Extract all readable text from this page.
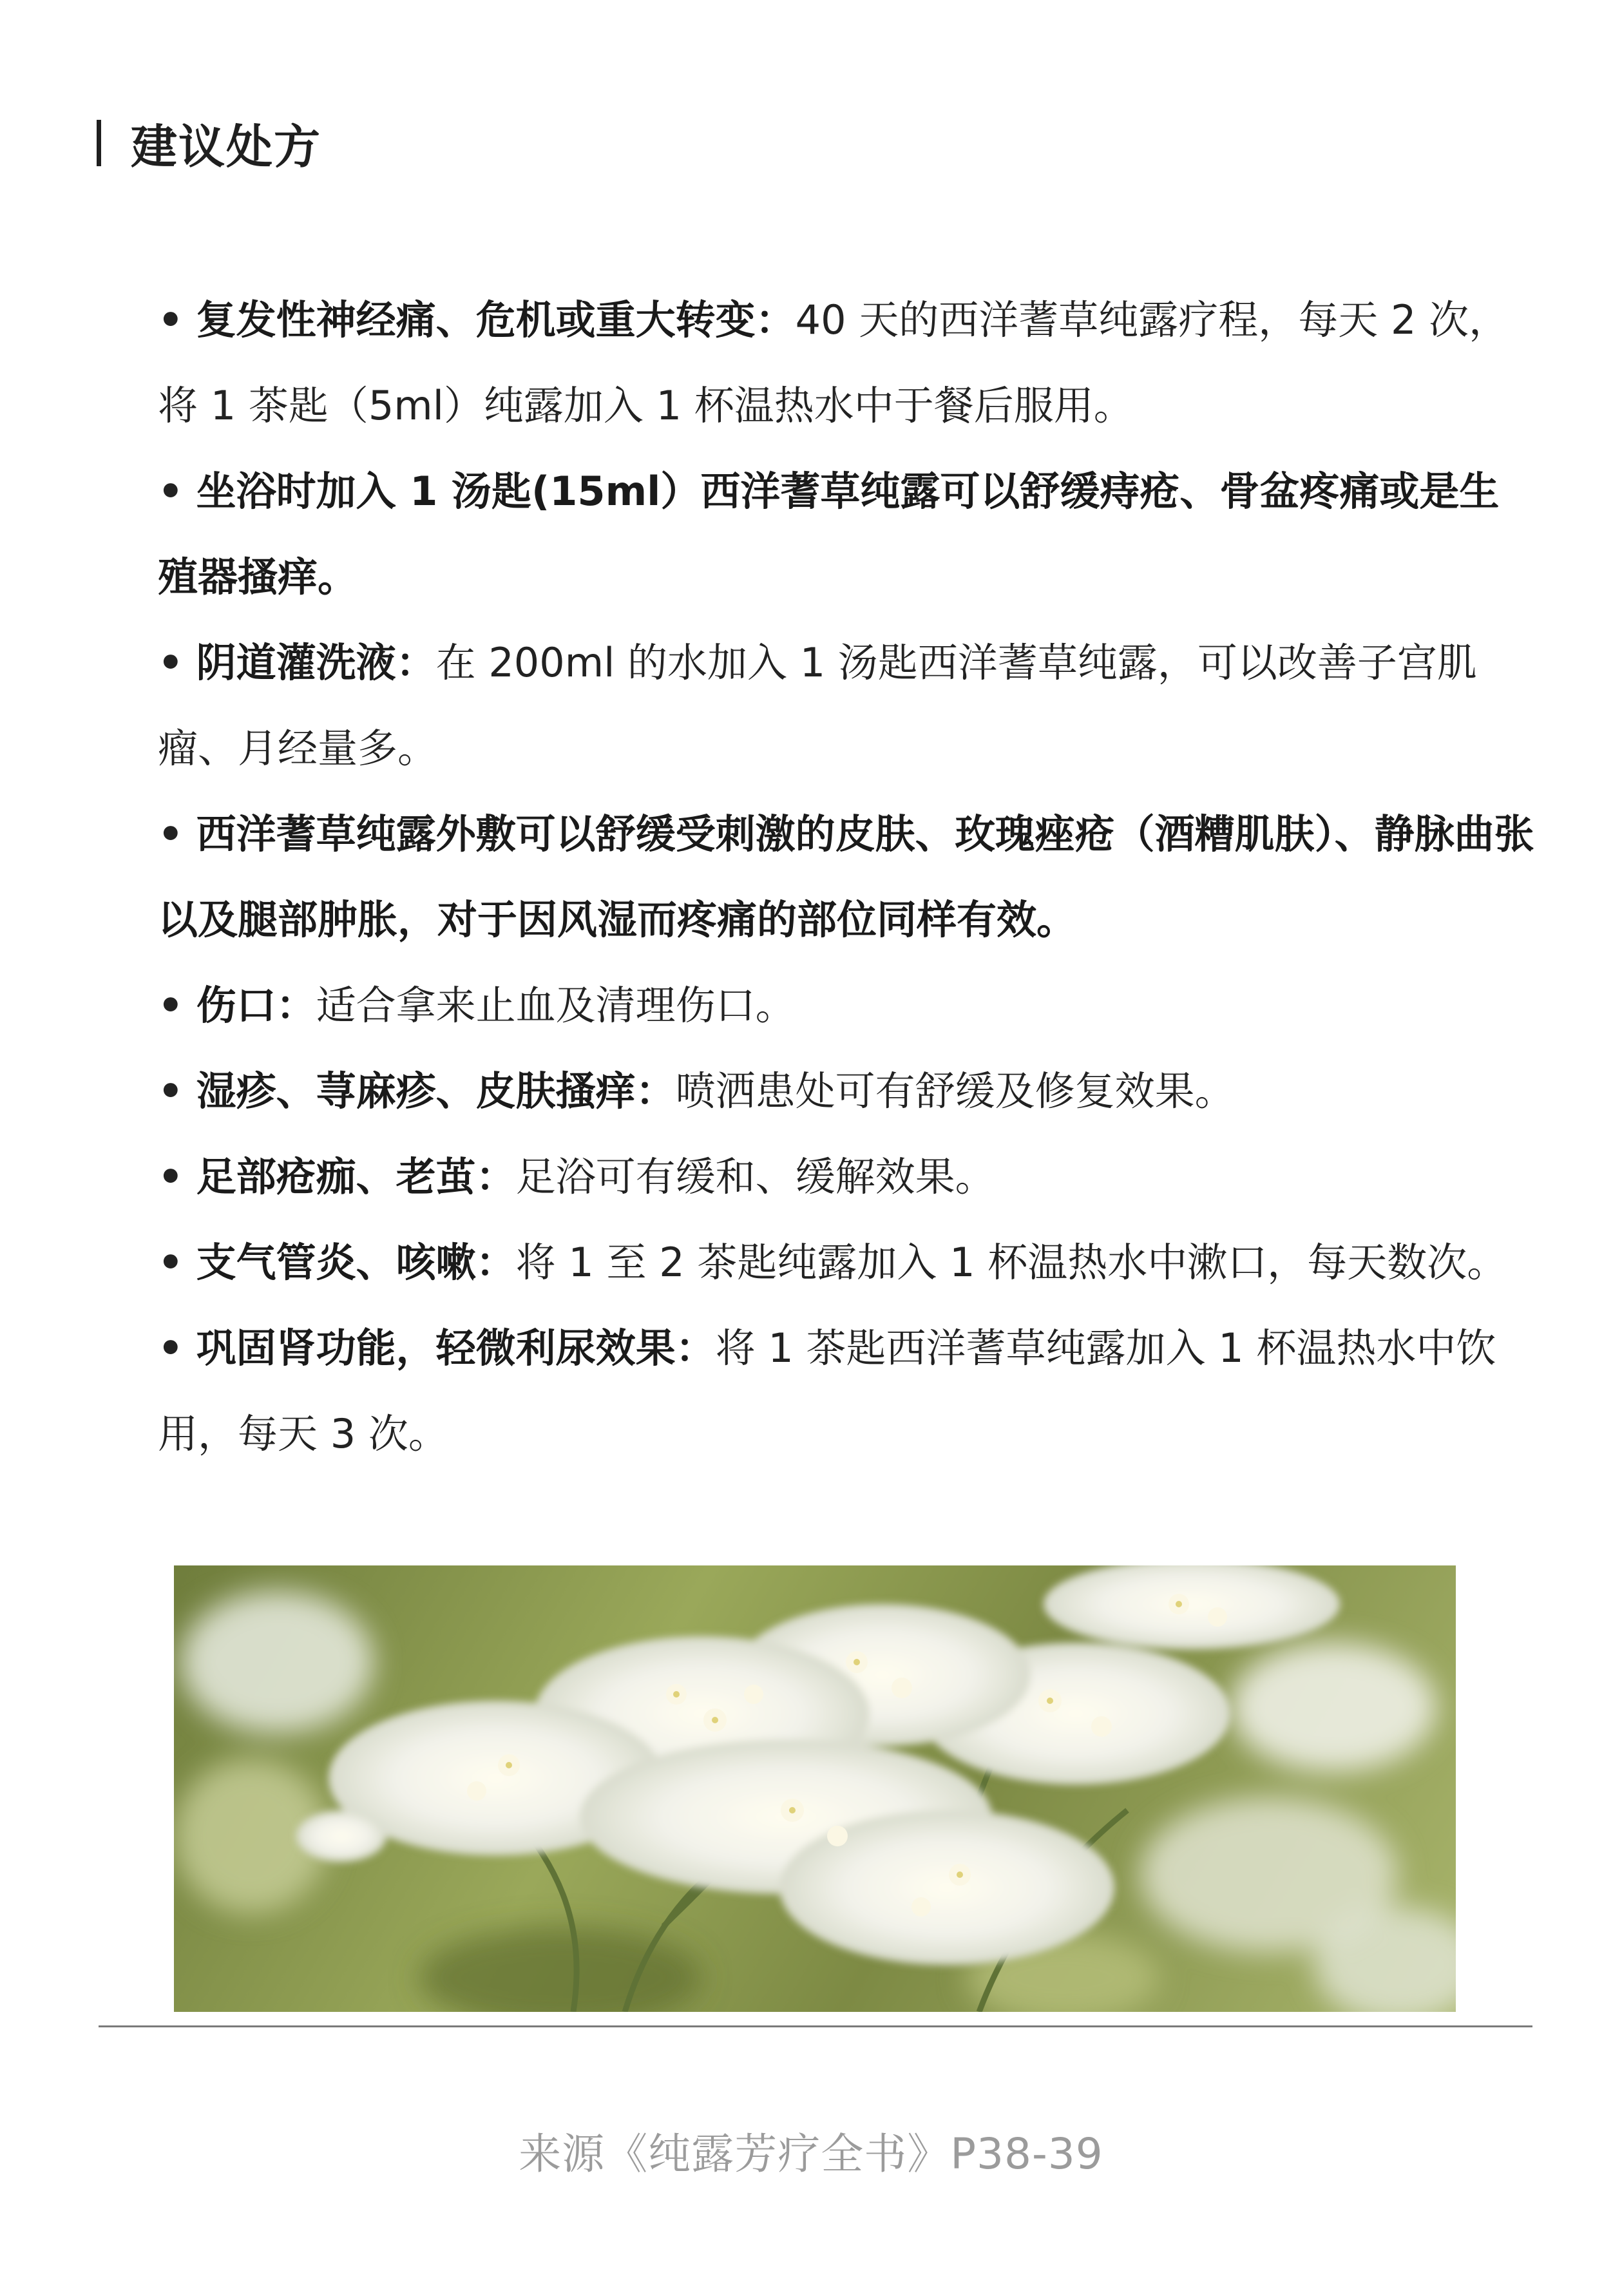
建议处方

• 复发性神经痛、危机或重大转变：40 天的西洋蓍草纯露疗程，每天 2 次，将 1 茶匙（5ml）纯露加入 1 杯温热水中于餐后服用。

• 坐浴时加入 1 汤匙(15ml）西洋蓍草纯露可以舒缓痔疮、骨盆疼痛或是生殖器搔痒。

• 阴道灌洗液：在 200ml 的水加入 1 汤匙西洋蓍草纯露，可以改善子宫肌瘤、月经量多。

• 西洋蓍草纯露外敷可以舒缓受刺激的皮肤、玫瑰痤疮（酒糟肌肤）、静脉曲张以及腿部肿胀，对于因风湿而疼痛的部位同样有效。

• 伤口：适合拿来止血及清理伤口。

• 湿疹、荨麻疹、皮肤搔痒：喷洒患处可有舒缓及修复效果。

• 足部疮痂、老茧：足浴可有缓和、缓解效果。

• 支气管炎、咳嗽：将 1 至 2 茶匙纯露加入 1 杯温热水中漱口，每天数次。

• 巩固肾功能，轻微利尿效果：将 1 茶匙西洋蓍草纯露加入 1 杯温热水中饮用，每天 3 次。

来源《纯露芳疗全书》P38-39
